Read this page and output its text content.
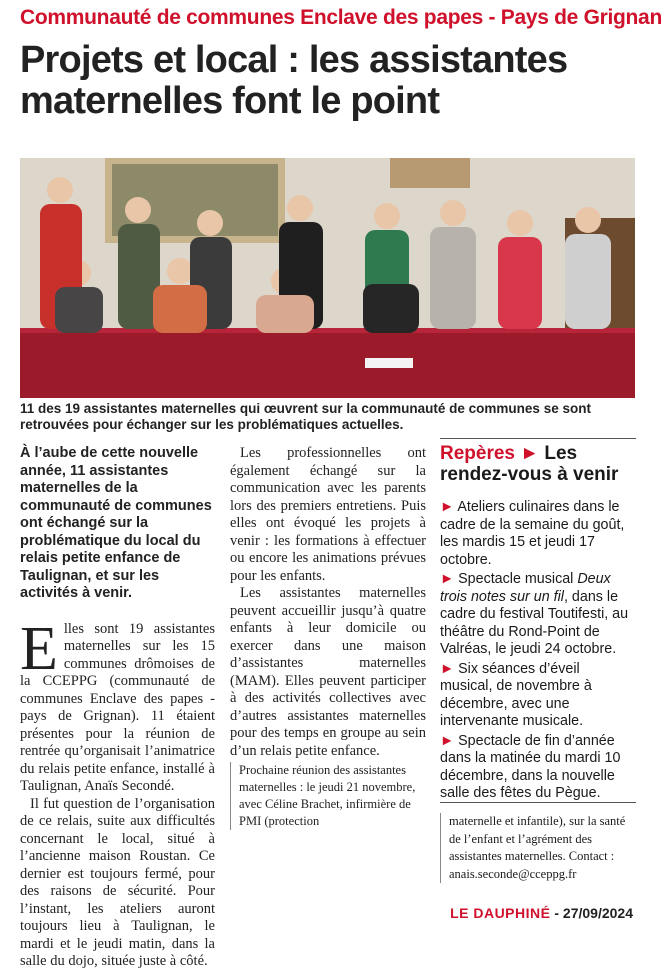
Communauté de communes Enclave des papes - Pays de Grignan
Projets et local : les assistantes maternelles font le point
11 des 19 assistantes maternelles qui œuvrent sur la communauté de communes se sont retrouvées pour échanger sur les problématiques actuelles.

À l’aube de cette nouvelle année, 11 assistantes maternelles de la communauté de communes ont échangé sur la problématique du local du relais petite enfance de Taulignan, et sur les activités à venir.

Elles sont 19 assistantes maternelles sur les 15 communes drômoises de la CCEPPG (communauté de communes Enclave des papes - pays de Grignan). 11 étaient présentes pour la réunion de rentrée qu’organisait l’animatrice du relais petite enfance, installé à Taulignan, Anaïs Secondé.

Il fut question de l’organisation de ce relais, suite aux difficultés concernant le local, situé à l’ancienne maison Roustan. Ce dernier est toujours fermé, pour des raisons de sécurité. Pour l’instant, les ateliers auront toujours lieu à Taulignan, le mardi et le jeudi matin, dans la salle du dojo, située juste à côté.

Les professionnelles ont également échangé sur la communication avec les parents lors des premiers entretiens. Puis elles ont évoqué les projets à venir : les formations à effectuer ou encore les animations prévues pour les enfants.

Les assistantes maternelles peuvent accueillir jusqu’à quatre enfants à leur domicile ou exercer dans une maison d’assistantes maternelles (MAM). Elles peuvent participer à des activités collectives avec d’autres assistantes maternelles pour des temps en groupe au sein d’un relais petite enfance.

Prochaine réunion des assistantes maternelles : le jeudi 21 novembre, avec Céline Brachet, infirmière de PMI (protection
Repères ► Les rendez-vous à venir
► Ateliers culinaires dans le cadre de la semaine du goût, les mardis 15 et jeudi 17 octobre.
► Spectacle musical Deux trois notes sur un fil, dans le cadre du festival Toutifesti, au théâtre du Rond-Point de Valréas, le jeudi 24 octobre.
► Six séances d’éveil musical, de novembre à décembre, avec une intervenante musicale.
► Spectacle de fin d’année dans la matinée du mardi 10 décembre, dans la nouvelle salle des fêtes du Pègue.
maternelle et infantile), sur la santé de l’enfant et l’agrément des assistantes maternelles. Contact : anais.seconde@cceppg.fr
LE DAUPHINÉ - 27/09/2024
